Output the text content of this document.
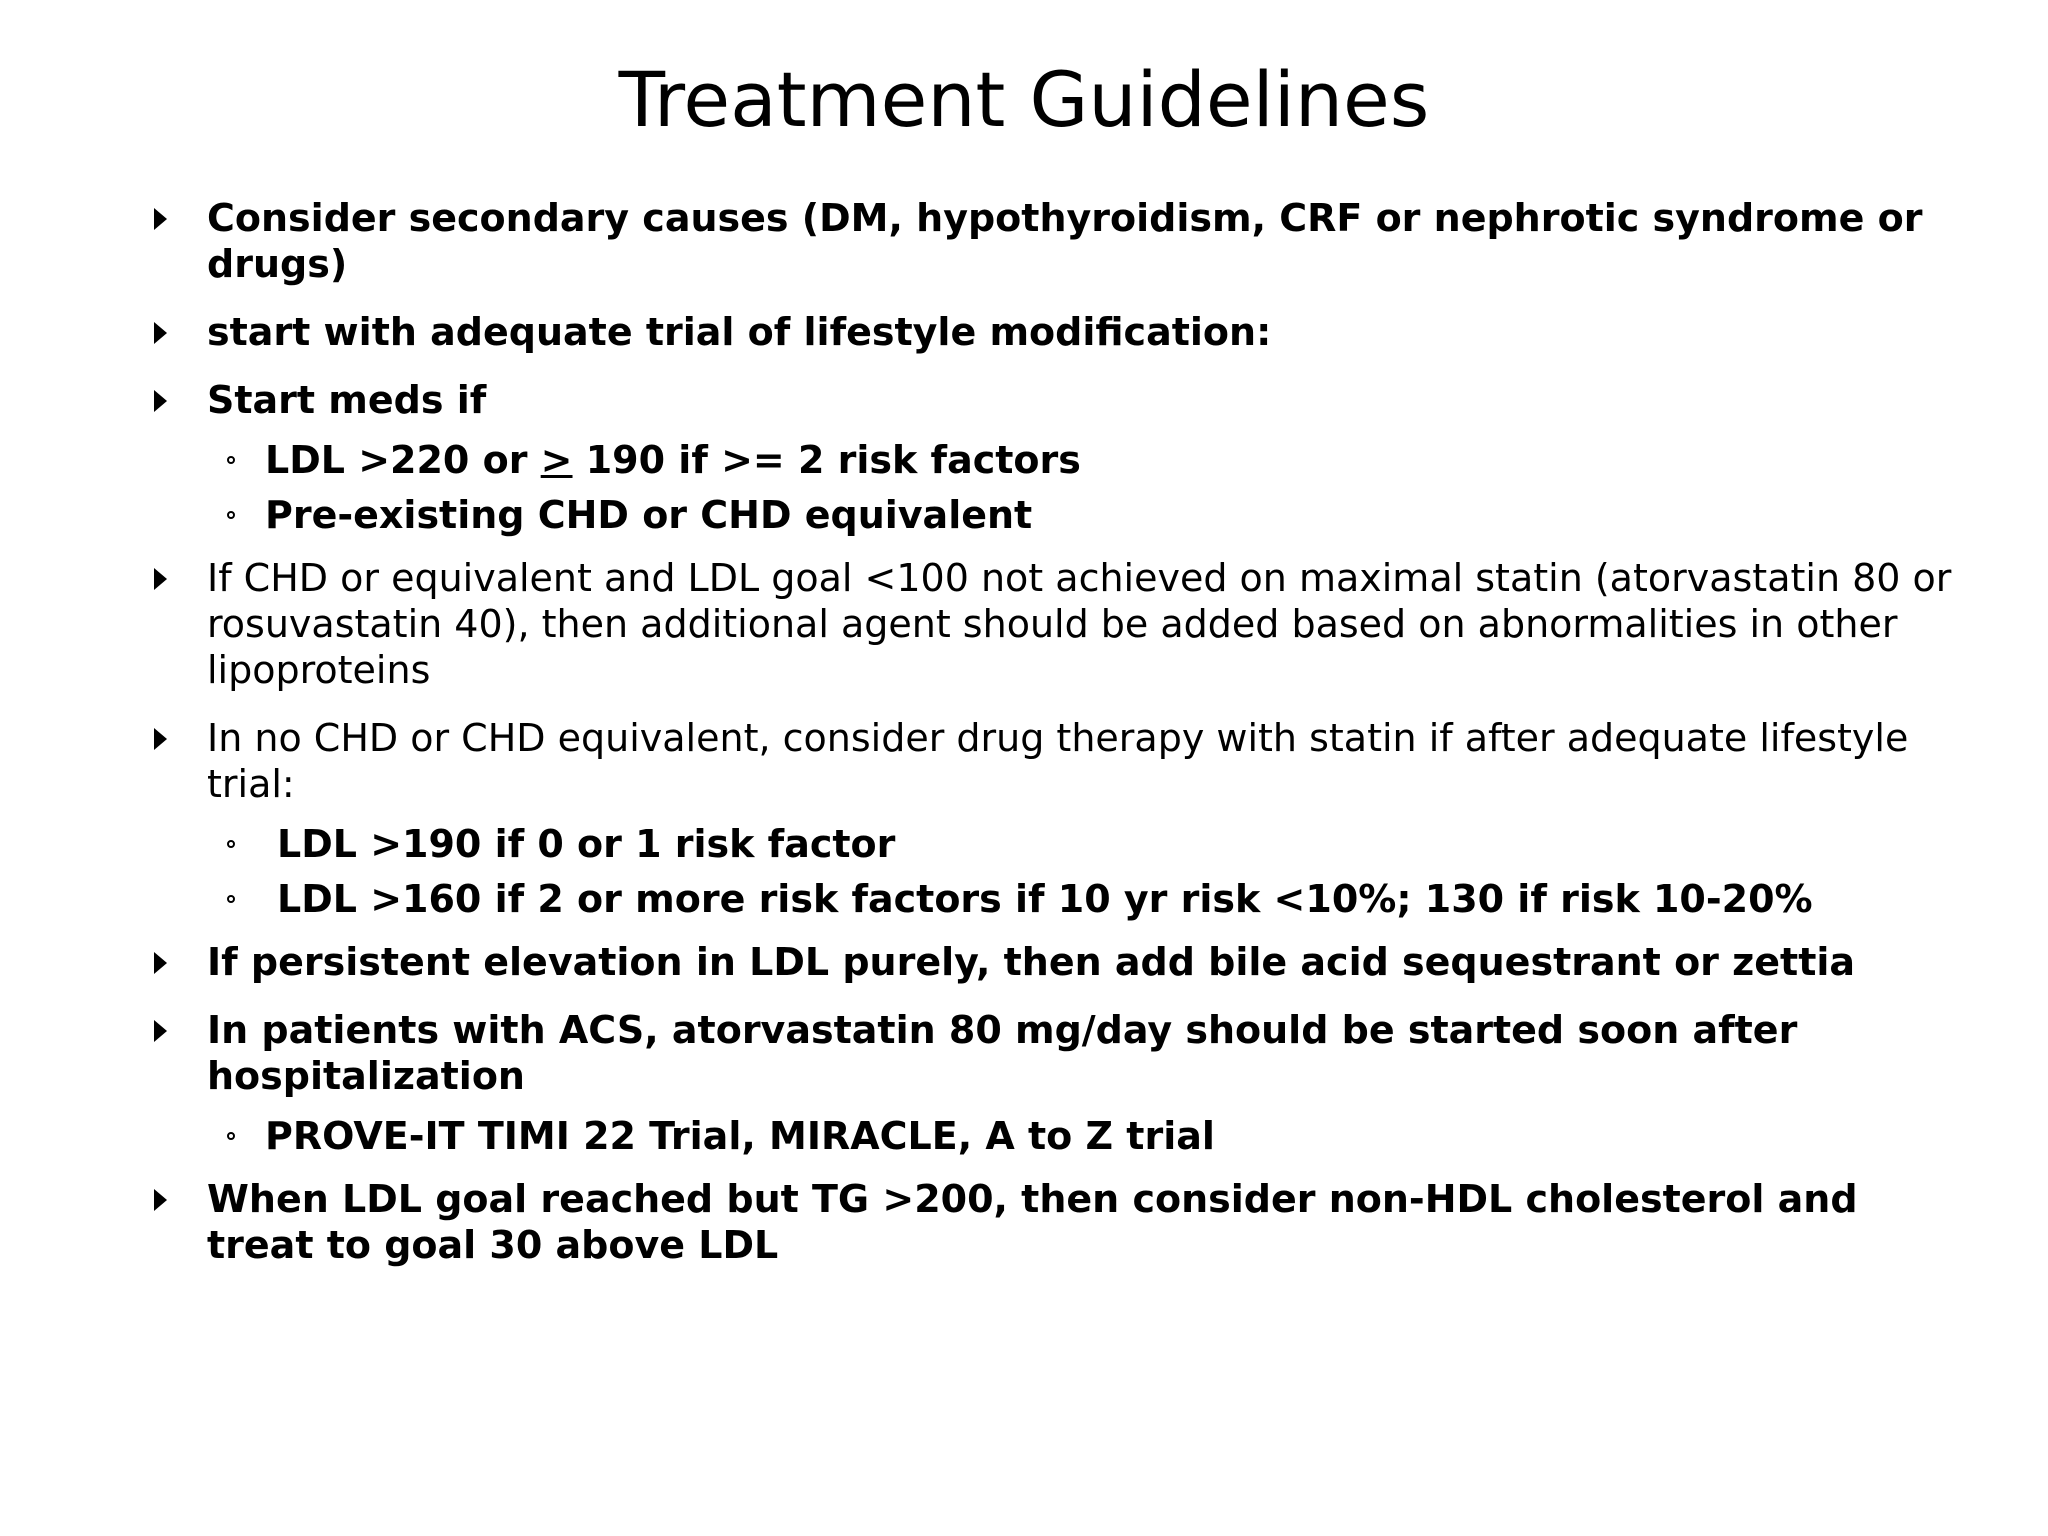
Treatment Guidelines
Consider secondary causes (DM, hypothyroidism, CRF or nephrotic syndrome or drugs)
start with adequate trial of lifestyle modification:
Start meds if
LDL >220 or > 190 if >= 2 risk factors
Pre-existing CHD or CHD equivalent
If CHD or equivalent and LDL goal <100 not achieved on maximal statin (atorvastatin 80 or rosuvastatin 40), then additional agent should be added based on abnormalities in other lipoproteins
In no CHD or CHD equivalent, consider drug therapy with statin if after adequate lifestyle trial:
LDL >190 if 0 or 1 risk factor
LDL >160 if 2 or more risk factors if 10 yr risk <10%; 130 if risk 10-20%
If persistent elevation in LDL purely, then add bile acid sequestrant or zettia
In patients with ACS, atorvastatin 80 mg/day should be started soon after hospitalization
PROVE-IT TIMI 22 Trial, MIRACLE, A to Z trial
When LDL goal reached but TG >200, then consider non-HDL cholesterol and treat to goal 30 above LDL
